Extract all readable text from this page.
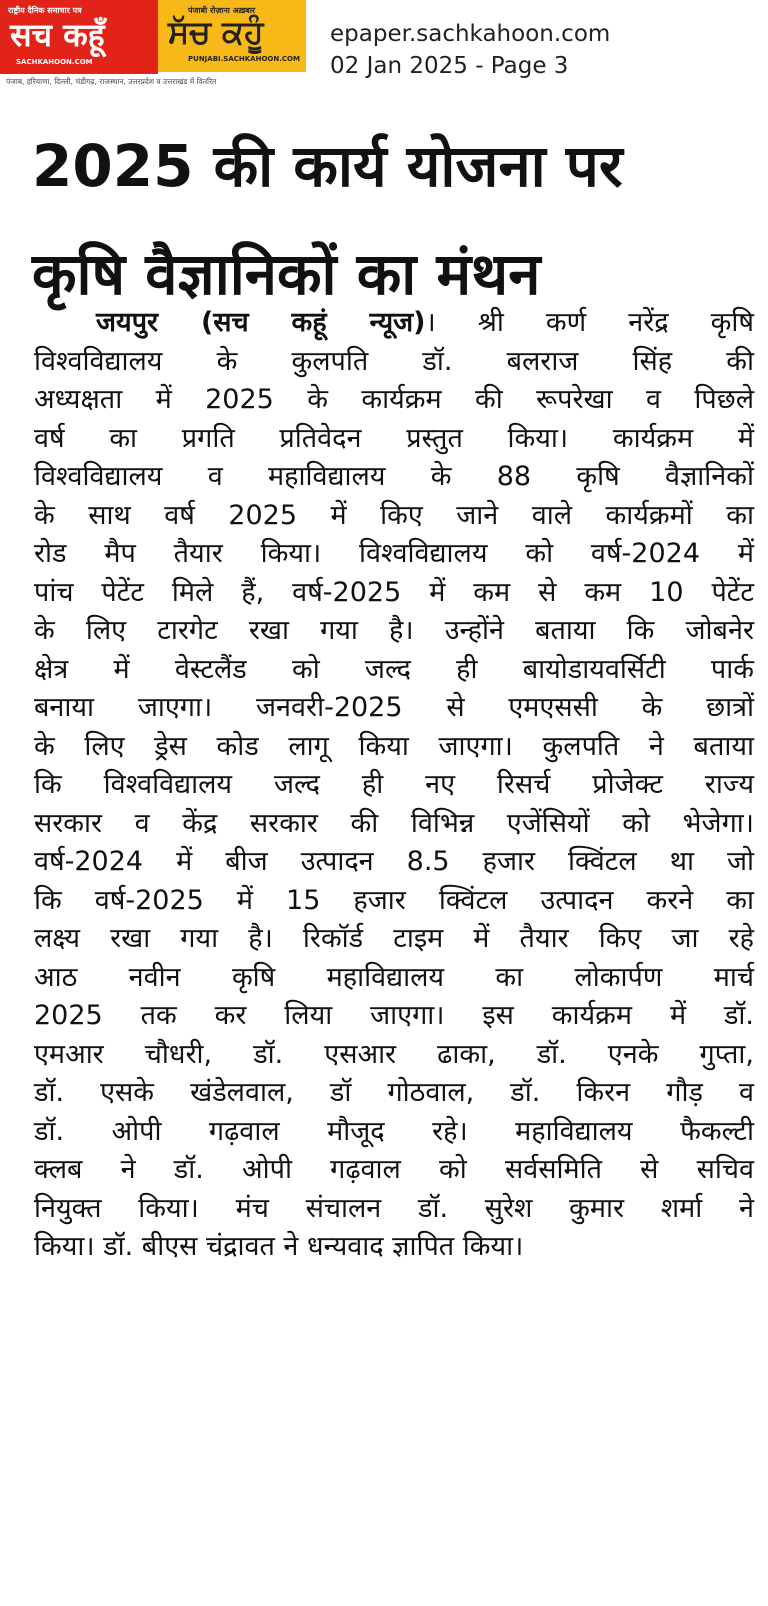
राष्ट्रीय दैनिक समाचार पत्र
सच कहूँ
SACHKAHOON.COM
पंजाबी रोज़ाना अख़बार
ਸੱਚ ਕਹੂੰ
PUNJABI.SACHKAHOON.COM
पंजाब, हरियाणा, दिल्ली, चंडीगढ़, राजस्थान, उत्तरप्रदेश व उत्तराखंड में वितरित
epaper.sachkahoon.com
02 Jan 2025 - Page 3
2025 की कार्य योजना पर
कृषि वैज्ञानिकों का मंथन
जयपुर (सच कहूं न्यूज)। श्री कर्ण नरेंद्र कृषि
विश्वविद्यालय के कुलपति डॉ. बलराज सिंह की
अध्यक्षता में 2025 के कार्यक्रम की रूपरेखा व पिछले
वर्ष का प्रगति प्रतिवेदन प्रस्तुत किया। कार्यक्रम में
विश्वविद्यालय व महाविद्यालय के 88 कृषि वैज्ञानिकों
के साथ वर्ष 2025 में किए जाने वाले कार्यक्रमों का
रोड मैप तैयार किया। विश्वविद्यालय को वर्ष-2024 में
पांच पेटेंट मिले हैं, वर्ष-2025 में कम से कम 10 पेटेंट
के लिए टारगेट रखा गया है। उन्होंने बताया कि जोबनेर
क्षेत्र में वेस्टलैंड को जल्द ही बायोडायवर्सिटी पार्क
बनाया जाएगा। जनवरी-2025 से एमएससी के छात्रों
के लिए ड्रेस कोड लागू किया जाएगा। कुलपति ने बताया
कि विश्वविद्यालय जल्द ही नए रिसर्च प्रोजेक्ट राज्य
सरकार व केंद्र सरकार की विभिन्न एजेंसियों को भेजेगा।
वर्ष-2024 में बीज उत्पादन 8.5 हजार क्विंटल था जो
कि वर्ष-2025 में 15 हजार क्विंटल उत्पादन करने का
लक्ष्य रखा गया है। रिकॉर्ड टाइम में तैयार किए जा रहे
आठ नवीन कृषि महाविद्यालय का लोकार्पण मार्च
2025 तक कर लिया जाएगा। इस कार्यक्रम में डॉ.
एमआर चौधरी, डॉ. एसआर ढाका, डॉ. एनके गुप्ता,
डॉ. एसके खंडेलवाल, डॉ गोठवाल, डॉ. किरन गौड़ व
डॉ. ओपी गढ़वाल मौजूद रहे। महाविद्यालय फैकल्टी
क्लब ने डॉ. ओपी गढ़वाल को सर्वसमिति से सचिव
नियुक्त किया। मंच संचालन डॉ. सुरेश कुमार शर्मा ने
किया। डॉ. बीएस चंद्रावत ने धन्यवाद ज्ञापित किया।
